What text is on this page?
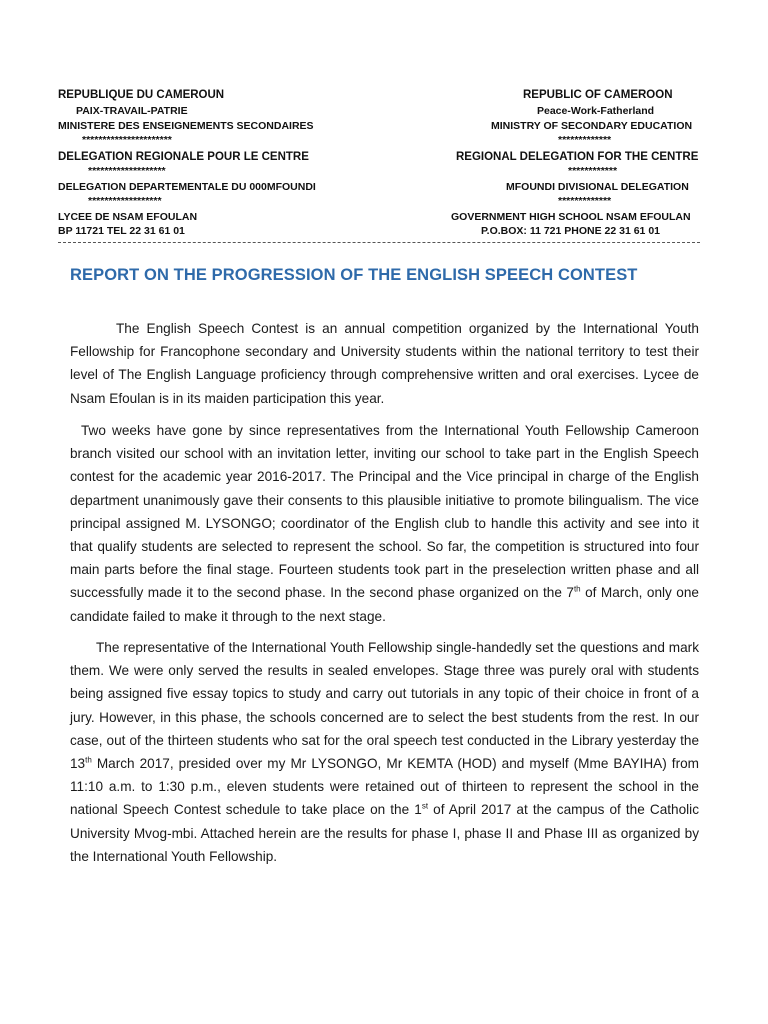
REPUBLIQUE DU CAMEROUN
PAIX-TRAVAIL-PATRIE
MINISTERE DES ENSEIGNEMENTS SECONDAIRES
**********************
DELEGATION REGIONALE POUR LE CENTRE
*******************
DELEGATION DEPARTEMENTALE DU 000MFOUNDI
******************
LYCEE DE NSAM EFOULAN
BP 11721 TEL 22 31 61 01
REPUBLIC OF CAMEROON
Peace-Work-Fatherland
MINISTRY OF SECONDARY EDUCATION
*************
REGIONAL DELEGATION FOR THE CENTRE
************
MFOUNDI DIVISIONAL DELEGATION
*************
GOVERNMENT HIGH SCHOOL NSAM EFOULAN
P.O.BOX: 11 721 PHONE 22 31 61 01
REPORT ON THE PROGRESSION OF THE ENGLISH SPEECH CONTEST
The English Speech Contest is an annual competition organized by the International Youth Fellowship for Francophone secondary and University students within the national territory to test their level of The English Language proficiency through comprehensive written and oral exercises. Lycee de Nsam Efoulan is in its maiden participation this year.
Two weeks have gone by since representatives from the International Youth Fellowship Cameroon branch visited our school with an invitation letter, inviting our school to take part in the English Speech contest for the academic year 2016-2017. The Principal and the Vice principal in charge of the English department unanimously gave their consents to this plausible initiative to promote bilingualism. The vice principal assigned M. LYSONGO; coordinator of the English club to handle this activity and see into it that qualify students are selected to represent the school. So far, the competition is structured into four main parts before the final stage. Fourteen students took part in the preselection written phase and all successfully made it to the second phase. In the second phase organized on the 7th of March, only one candidate failed to make it through to the next stage.
The representative of the International Youth Fellowship single-handedly set the questions and mark them. We were only served the results in sealed envelopes. Stage three was purely oral with students being assigned five essay topics to study and carry out tutorials in any topic of their choice in front of a jury. However, in this phase, the schools concerned are to select the best students from the rest. In our case, out of the thirteen students who sat for the oral speech test conducted in the Library yesterday the 13th March 2017, presided over my Mr LYSONGO, Mr KEMTA (HOD) and myself (Mme BAYIHA) from 11:10 a.m. to 1:30 p.m., eleven students were retained out of thirteen to represent the school in the national Speech Contest schedule to take place on the 1st of April 2017 at the campus of the Catholic University Mvog-mbi. Attached herein are the results for phase I, phase II and Phase III as organized by the International Youth Fellowship.
